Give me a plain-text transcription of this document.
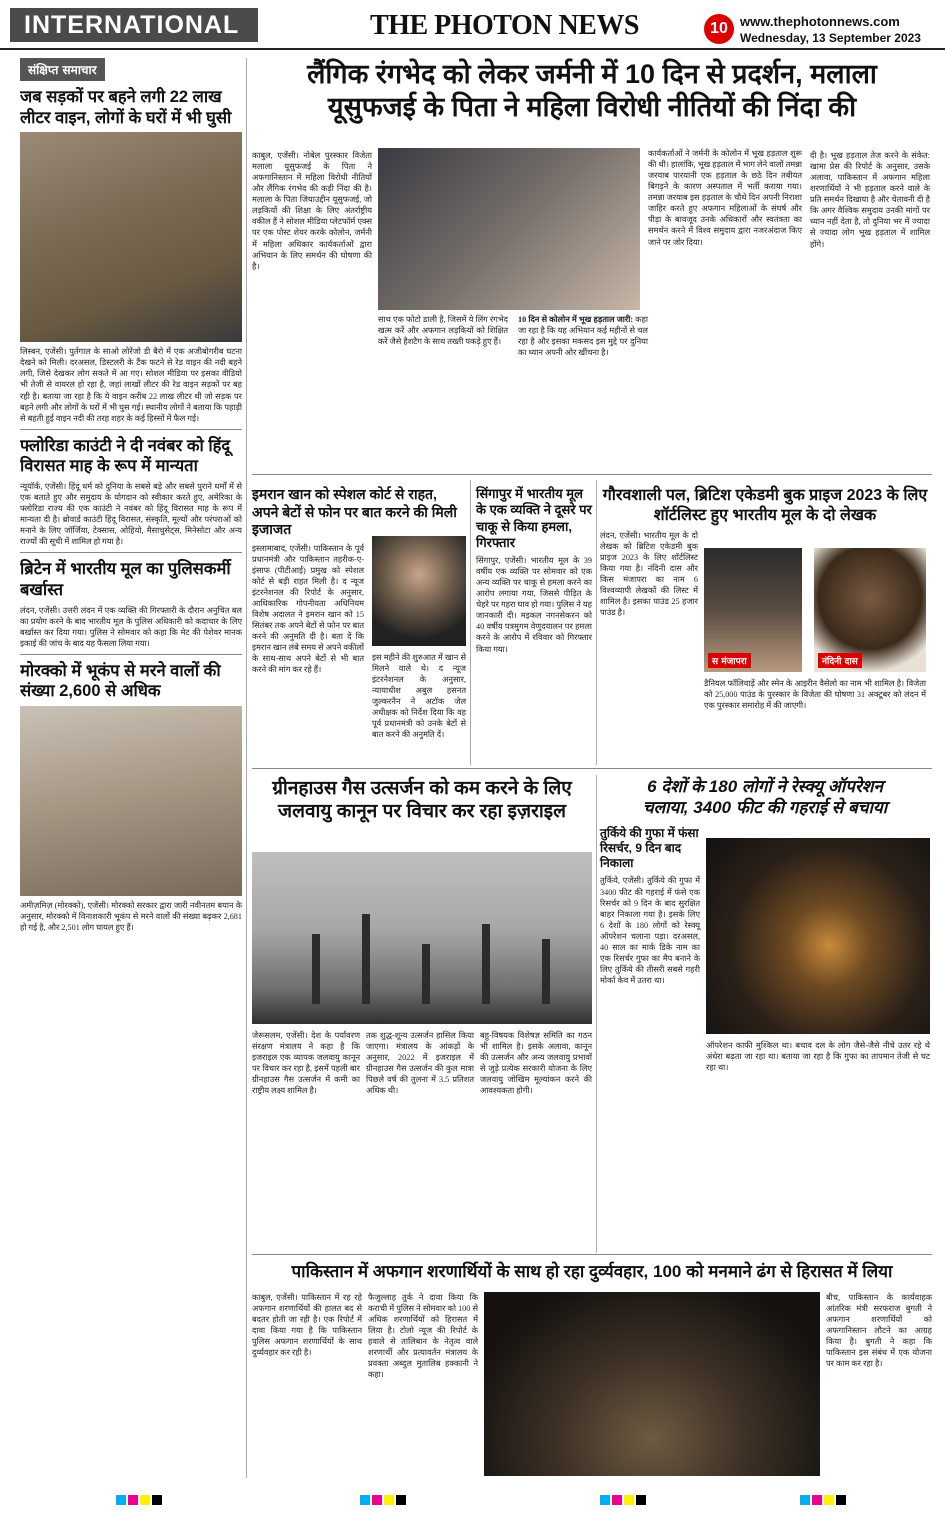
INTERNATIONAL	THE PHOTON NEWS	10 www.thephotonnews.com
Wednesday, 13 September 2023
संक्षिप्त समाचार
जब सड़कों पर बहने लगी 22 लाख लीटर वाइन, लोगों के घरों में भी घुसी
लिस्बन, एजेंसी। पुर्तगाल के साओ लोरेंजो डी बैरो में एक अजीबोगरीब घटना देखने को मिली। दरअसल, डिस्टलरी के टैंक फटने से रेड वाइन की नदी बहने लगी, जिसे देखकर लोग सकते में आ गए। सोशल मीडिया पर इसका वीडियो भी तेजी से वायरल हो रहा है, जहां लाखों लीटर की रेड वाइन सड़कों पर बह रही है। बताया जा रहा है कि ये वाइन करीब 22 लाख लीटर थी जो सड़क पर बहने लगी और लोगों के घरों में भी घुस गई। स्थानीय लोगों ने बताया कि पहाड़ी से बहती हुई वाइन नदी की तरह शहर के कई हिस्सों में फैल गई।
फ्लोरिडा काउंटी ने दी नवंबर को हिंदू विरासत माह के रूप में मान्यता
न्यूयॉर्क, एजेंसी। हिंदू धर्म को दुनिया के सबसे बड़े और सबसे पुराने धर्मों में से एक बताते हुए और समुदाय के योगदान को स्वीकार करते हुए, अमेरिका के फ्लोरिडा राज्य की एक काउंटी ने नवंबर को हिंदू विरासत माह के रूप में मान्यता दी है। ब्रोवार्ड काउंटी हिंदू विरासत, संस्कृति, मूल्यों और परंपराओं को मनाने के लिए जॉर्जिया, टेक्सास, ओहियो, मैसाचुसेट्स, मिनेसोटा और अन्य राज्यों की सूची में शामिल हो गया है।
ब्रिटेन में भारतीय मूल का पुलिसकर्मी बर्खास्त
लंदन, एजेंसी। उत्तरी लंदन में एक व्यक्ति की गिरफ्तारी के दौरान अनुचित बल का प्रयोग करने के बाद भारतीय मूल के पुलिस अधिकारी को कदाचार के लिए बर्खास्त कर दिया गया। पुलिस ने सोमवार को कहा कि मेट की पेशेवर मानक इकाई की जांच के बाद यह फैसला लिया गया।
मोरक्को में भूकंप से मरने वालों की संख्या 2,600 से अधिक
अमीज़मिज़ (मोरक्को), एजेंसी। मोरक्को सरकार द्वारा जारी नवीनतम बयान के अनुसार, मोरक्को में विनाशकारी भूकंप से मरने वालों की संख्या बढ़कर 2,681 हो गई है, और 2,501 लोग घायल हुए हैं।
लैंगिक रंगभेद को लेकर जर्मनी में 10 दिन से प्रदर्शन, मलाला
यूसुफजई के पिता ने महिला विरोधी नीतियों की निंदा की
काबुल, एजेंसी। नोबेल पुरस्कार विजेता मलाला यूसुफजई के पिता ने अफगानिस्तान में महिला विरोधी नीतियों और लैंगिक रंगभेद की कड़ी निंदा की है। मलाला के पिता जियाउद्दीन यूसुफजई, जो लड़कियों की शिक्षा के लिए अंतर्राष्ट्रीय वकील हैं ने सोशल मीडिया प्लेटफॉर्म एक्स पर एक पोस्ट शेयर करके कोलोन, जर्मनी में महिला अधिकार कार्यकर्ताओं द्वारा अभियान के लिए समर्थन की घोषणा की है।
साथ एक फोटो डाली है, जिसमें ये लिंग रंगभेद खत्म करें और अफगान लड़कियों को शिक्षित करें जैसे हैशटैग के साथ तख्ती पकड़े हुए हैं।
10 दिन से कोलोन में भूख हड़ताल जारी: कहा जा रहा है कि यह अभियान कई महीनों से चल रहा है और इसका मकसद इस मुद्दे पर दुनिया का ध्यान अपनी ओर खींचना है।
कार्यकर्ताओं ने जर्मनी के कोलोन में भूख हड़ताल शुरू की थी। हालांकि, भूख हड़ताल में भाग लेने वालों तमन्ना जरयाब पारयानी एक हड़ताल के छठे दिन तबीयत बिगड़ने के कारण अस्पताल में भर्ती कराया गया। तमन्ना जरयाब इस हड़ताल के चौथे दिन अपनी निराशा जाहिर करते हुए अफगान महिलाओं के संघर्ष और पीड़ा के बावजूद उनके अधिकारों और स्वतंत्रता का समर्थन करने में विश्व समुदाय द्वारा नजरअंदाज किए जाने पर जोर दिया।
दी है। भूख हड़ताल तेज करने के संकेत: खामा प्रेस की रिपोर्ट के अनुसार, उसके अलावा, पाकिस्तान में अफगान महिला शरणार्थियों ने भी हड़ताल करने वाले के प्रति समर्थन दिखाया है और चेतावनी दी है कि अगर वैश्विक समुदाय उनकी मांगों पर ध्यान नहीं देता है, तो दुनिया भर में ज्यादा से ज्यादा लोग भूख हड़ताल में शामिल होंगे।
इमरान खान को स्पेशल कोर्ट से राहत, अपने बेटों से फोन पर बात करने की मिली इजाजत
इस्लामाबाद, एजेंसी। पाकिस्तान के पूर्व प्रधानमंत्री और पाकिस्तान तहरीक-ए-इंसाफ (पीटीआई) प्रमुख को स्पेशल कोर्ट से बड़ी राहत मिली है। द न्यूज इंटरनेशनल की रिपोर्ट के अनुसार, आधिकारिक गोपनीयता अधिनियम विशेष अदालत ने इमरान खान को 15 सितंबर तक अपने बेटों से फोन पर बात करने की अनुमति दी है। बता दें कि इमरान खान लंबे समय से अपने वकीलों के साथ-साथ अपने बेटों से भी बात करने की मांग कर रहे हैं।
इस महीने की शुरुआत में खान से मिलने वाले थे। द न्यूज इंटरनेशनल के अनुसार, न्यायाधीश अबुल हसनत जुल्करनैन ने अटॉक जेल अधीक्षक को निर्देश दिया कि वह पूर्व प्रधानमंत्री को उनके बेटों से बात करने की अनुमति दें।
सिंगापुर में भारतीय मूल के एक व्यक्ति ने दूसरे पर चाकू से किया हमला, गिरफ्तार
सिंगापुर, एजेंसी। भारतीय मूल के 39 वर्षीय एक व्यक्ति पर सोमवार को एक अन्य व्यक्ति पर चाकू से हमला करने का आरोप लगाया गया, जिससे पीड़ित के चेहरे पर गहरा घाव हो गया। पुलिस ने यह जानकारी दी। मइकल नगनसेकरन को 40 वर्षीय पत्रमुगम वेणुदयालन पर हमला करने के आरोप में रविवार को गिरफ्तार किया गया।
गौरवशाली पल, ब्रिटिश एकेडमी बुक प्राइज 2023 के लिए शॉर्टलिस्ट हुए भारतीय मूल के दो लेखक
लंदन, एजेंसी। भारतीय मूल के दो लेखक को ब्रिटिश एकेडमी बुक प्राइज 2023 के लिए शॉर्टलिस्ट किया गया है। नंदिनी दास और किस मंजापरा का नाम 6 विश्वव्यापी लेखकों की लिस्ट में शामिल है। इसका पाउंड 25 हजार पाउंड है।
स मंजापरा	नंदिनी दास
डैनियल फॉलिवाड़ें और स्मेन के आइरीन वैसेलो का नाम भी शामिल है। विजेता को 25,000 पाउंड के पुरस्कार के विजेता की घोषणा 31 अक्टूबर को लंदन में एक पुरस्कार समारोह में की जाएगी।
ग्रीनहाउस गैस उत्सर्जन को कम करने के लिए
जलवायु कानून पर विचार कर रहा इज़राइल
जेरूसलम, एजेंसी। देश के पर्यावरण संरक्षण मंत्रालय ने कहा है कि इजराइल एक व्यापक जलवायु कानून पर विचार कर रहा है, इसमें पहली बार ग्रीनहाउस गैस उत्सर्जन में कमी का राष्ट्रीय लक्ष्य शामिल है।
तक शुद्ध-शून्य उत्सर्जन हासिल किया जाएगा। मंत्रालय के आंकड़ों के अनुसार, 2022 में इजराइल में ग्रीनहाउस गैस उत्सर्जन की कुल मात्रा पिछले वर्ष की तुलना में 3.5 प्रतिशत अधिक थी।
बहु-विषयक विशेषज्ञ समिति का गठन भी शामिल है। इसके अलावा, कानून की उत्सर्जन और अन्य जलवायु प्रभावों से जुड़े प्रत्येक सरकारी योजना के लिए जलवायु जोखिम मूल्यांकन करने की आवश्यकता होगी।
6 देशों के 180 लोगों ने रेस्क्यू ऑपरेशन
चलाया, 3400 फीट की गहराई से बचाया
तुर्किये की गुफा में फंसा रिसर्चर, 9 दिन बाद निकाला
तुर्किये, एजेंसी। तुर्किये की गुफा में 3400 फीट की गहराई में फंसे एक रिसर्चर को 9 दिन के बाद सुरक्षित बाहर निकाला गया है। इसके लिए 6 देशों के 180 लोगों को रेस्क्यू ऑपरेशन चलाना पड़ा। दरअसल, 40 साल का मार्क डिके नाम का एक रिसर्चर गुफा का मैप बनाने के लिए तुर्किये की तीसरी सबसे गहरी मोर्का केव में उतरा था।
ऑपरेशन काफी मुश्किल था। बचाव दल के लोग जैसे-जैसे नीचे उतर रहे थे अंधेरा बढ़ता जा रहा था। बताया जा रहा है कि गुफा का तापमान तेजी से घट रहा था।
पाकिस्तान में अफगान शरणार्थियों के साथ हो रहा दुर्व्यवहार, 100 को मनमाने ढंग से हिरासत में लिया
काबुल, एजेंसी। पाकिस्तान में रह रहे अफगान शरणार्थियों की हालत बद से बदतर होती जा रही है। एक रिपोर्ट में दावा किया गया है कि पाकिस्तान पुलिस अफगान शरणार्थियों के साथ दुर्व्यवहार कर रही है।
फैजुल्लाह तुर्क ने दावा किया कि कराची में पुलिस ने सोमवार को 100 से अधिक शरणार्थियों को हिरासत में लिया है। टोलो न्यूज की रिपोर्ट के हवाले से तालिबान के नेतृत्व वाले शरणार्थी और प्रत्यावर्तन मंत्रालय के प्रवक्ता अब्दुल मुतालिब हक्कानी ने कहा।
बीच, पाकिस्तान के कार्यवाहक आंतरिक मंत्री सरफराज बुगती ने अफगान शरणार्थियों को अफगानिस्तान लौटने का आग्रह किया है। बुगती ने कहा कि पाकिस्तान इस संबंध में एक योजना पर काम कर रहा है।
